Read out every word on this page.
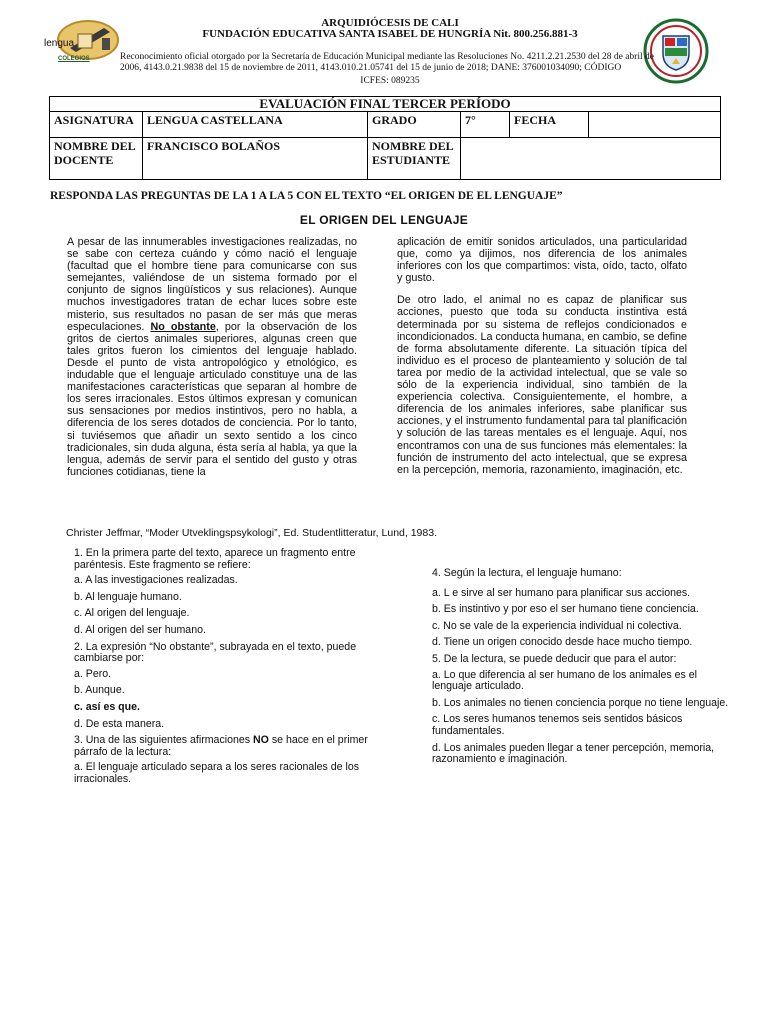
lengua
COLEGIOS
ARQUIDIÓCESIS DE CALI
FUNDACIÓN EDUCATIVA SANTA ISABEL DE HUNGRÍA Nit. 800.256.881-3
Reconocimiento oficial otorgado por la Secretaría de Educación Municipal mediante las Resoluciones No. 4211.2.21.2530 del 28 de abril de 2006, 4143.0.21.9838 del 15 de noviembre de 2011, 4143.010.21.05741 del 15 de junio de 2018; DANE: 376001034090; CÓDIGO
ICFES: 089235
EVALUACIÓN FINAL TERCER PERÍODO					
ASIGNATURA	LENGUA CASTELLANA	GRADO	7°	FECHA	
NOMBRE DEL DOCENTE	FRANCISCO BOLAÑOS	NOMBRE DEL ESTUDIANTE			
RESPONDA LAS PREGUNTAS DE LA 1 A LA 5 CON EL TEXTO “EL ORIGEN DE EL LENGUAJE”
EL ORIGEN DEL LENGUAJE

A pesar de las innumerables investigaciones realizadas, no se sabe con certeza cuándo y cómo nació el lenguaje (facultad que el hombre tiene para comunicarse con sus semejantes, valiéndose de un sistema formado por el conjunto de signos lingüísticos y sus relaciones). Aunque muchos investigadores tratan de echar luces sobre este misterio, sus resultados no pasan de ser más que meras especulaciones. No obstante, por la observación de los gritos de ciertos animales superiores, algunas creen que tales gritos fueron los cimientos del lenguaje hablado. Desde el punto de vista antropológico y etnológico, es indudable que el lenguaje articulado constituye una de las manifestaciones características que separan al hombre de los seres irracionales. Estos últimos expresan y comunican sus sensaciones por medios instintivos, pero no habla, a diferencia de los seres dotados de conciencia. Por lo tanto, si tuviésemos que añadir un sexto sentido a los cinco tradicionales, sin duda alguna, ésta sería al habla, ya que la lengua, además de servir para el sentido del gusto y otras funciones cotidianas, tiene la

aplicación de emitir sonidos articulados, una particularidad que, como ya dijimos, nos diferencia de los animales inferiores con los que compartimos: vista, oído, tacto, olfato y gusto.

De otro lado, el animal no es capaz de planificar sus acciones, puesto que toda su conducta instintiva está determinada por su sistema de reflejos condicionados e incondicionados. La conducta humana, en cambio, se define de forma absolutamente diferente. La situación típica del individuo es el proceso de planteamiento y solución de tal tarea por medio de la actividad intelectual, que se vale so sólo de la experiencia individual, sino también de la experiencia colectiva. Consiguientemente, el hombre, a diferencia de los animales inferiores, sabe planificar sus acciones, y el instrumento fundamental para tal planificación y solución de las tareas mentales es el lenguaje. Aquí, nos encontramos con una de sus funciones más elementales: la función de instrumento del acto intelectual, que se expresa en la percepción, memoria, razonamiento, imaginación, etc.

Christer Jeffmar, “Moder Utveklingspsykologi”, Ed. Studentlitteratur, Lund, 1983.
1. En la primera parte del texto, aparece un fragmento entre paréntesis. Este fragmento se refiere:
a. A las investigaciones realizadas.
b. Al lenguaje humano.
c. Al origen del lenguaje.
d. Al origen del ser humano.
2. La expresión “No obstante”, subrayada en el texto, puede cambiarse por:
a. Pero.
b. Aunque.
c. así es que.
d. De esta manera.
3. Una de las siguientes afirmaciones NO se hace en el primer párrafo de la lectura:
a. El lenguaje articulado separa a los seres racionales de los irracionales.
4. Según la lectura, el lenguaje humano:
a. L e sirve al ser humano para planificar sus acciones.
b. Es instintivo y por eso el ser humano tiene conciencia.
c. No se vale de la experiencia individual ni colectiva.
d. Tiene un origen conocido desde hace mucho tiempo.
5. De la lectura, se puede deducir que para el autor:
a. Lo que diferencia al ser humano de los animales es el lenguaje articulado.
b. Los animales no tienen conciencia porque no tiene lenguaje.
c. Los seres humanos tenemos seis sentidos básicos fundamentales.
d. Los animales pueden llegar a tener percepción, memoria, razonamiento e imaginación.
